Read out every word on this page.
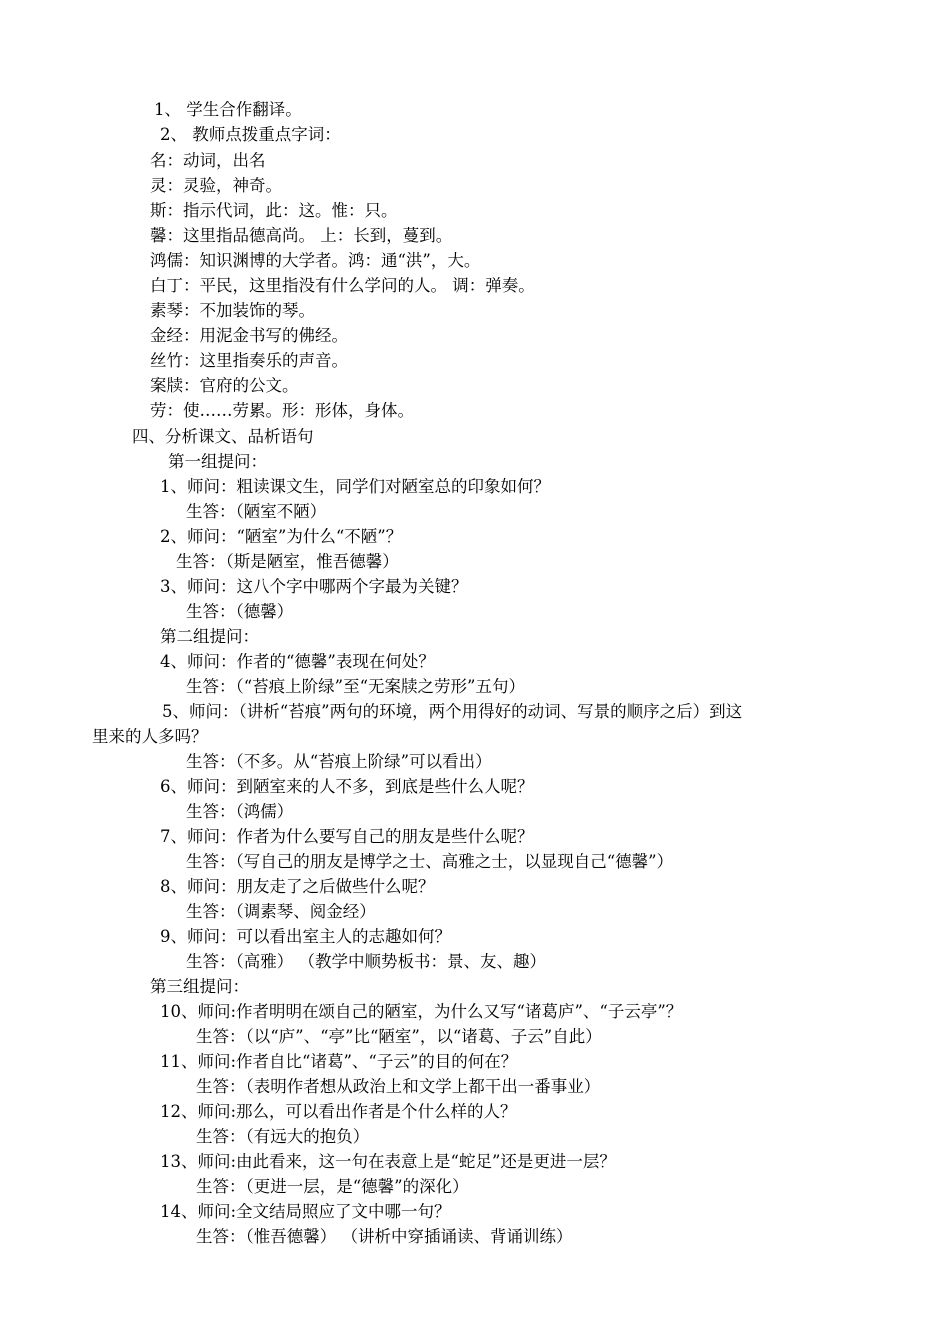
1、 学生合作翻译。
2、 教师点拨重点字词：
名：动词，出名
灵：灵验，神奇。
斯：指示代词，此：这。惟：只。
馨：这里指品德高尚。 上：长到，蔓到。
鸿儒：知识渊博的大学者。鸿：通“洪”，大。
白丁：平民，这里指没有什么学问的人。 调：弹奏。
素琴：不加装饰的琴。
金经：用泥金书写的佛经。
丝竹：这里指奏乐的声音。
案牍：官府的公文。
劳：使……劳累。形：形体，身体。
四、分析课文、品析语句
第一组提问：
1、师问：粗读课文生，同学们对陋室总的印象如何？
生答：（陋室不陋）
2、师问：“陋室”为什么“不陋”？
生答：（斯是陋室，惟吾德馨）
3、师问：这八个字中哪两个字最为关键？
生答：（德馨）
第二组提问：
4、师问：作者的“德馨”表现在何处？
生答：（“苔痕上阶绿”至“无案牍之劳形”五句）
5、师问：（讲析“苔痕”两句的环境，两个用得好的动词、写景的顺序之后）到这
里来的人多吗？
生答：（不多。从“苔痕上阶绿”可以看出）
6、师问：到陋室来的人不多，到底是些什么人呢？
生答：（鸿儒）
7、师问：作者为什么要写自己的朋友是些什么呢？
生答：（写自己的朋友是博学之士、高雅之士，以显现自己“德馨”）
8、师问：朋友走了之后做些什么呢？
生答：（调素琴、阅金经）
9、师问：可以看出室主人的志趣如何？
生答：（高雅） （教学中顺势板书：景、友、趣）
第三组提问：
10、师问:作者明明在颂自己的陋室，为什么又写“诸葛庐”、“子云亭”？
生答：（以“庐”、“亭”比“陋室”，以“诸葛、子云”自此）
11、师问:作者自比“诸葛”、“子云”的目的何在？
生答：（表明作者想从政治上和文学上都干出一番事业）
12、师问:那么，可以看出作者是个什么样的人？
生答：（有远大的抱负）
13、师问:由此看来，这一句在表意上是“蛇足”还是更进一层？
生答：（更进一层，是“德馨”的深化）
14、师问:全文结局照应了文中哪一句？
生答：（惟吾德馨） （讲析中穿插诵读、背诵训练）
